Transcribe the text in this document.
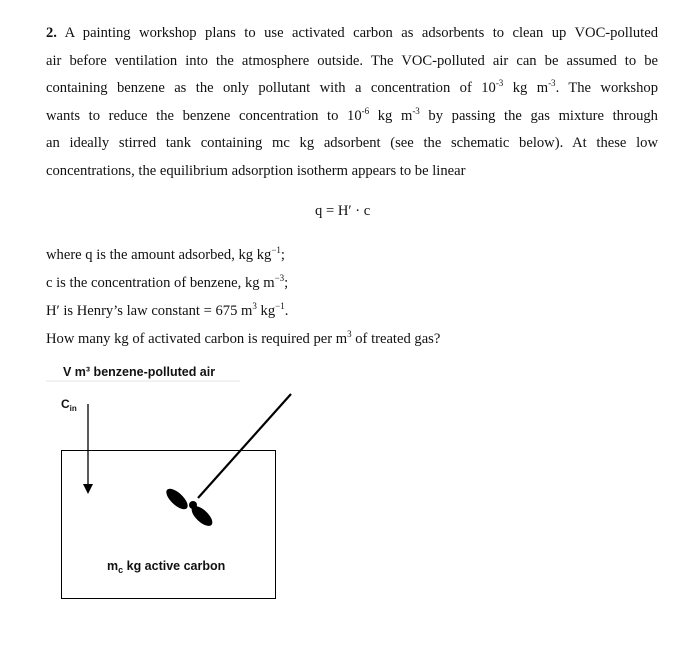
2. A painting workshop plans to use activated carbon as adsorbents to clean up VOC-polluted
air before ventilation into the atmosphere outside. The VOC-polluted air can be assumed to be
containing benzene as the only pollutant with a concentration of $10^{-3}$ kg $m^{-3}$. The workshop
wants to reduce the benzene concentration to $10^{-6}$ kg $m^{-3}$ by passing the gas mixture through
an ideally stirred tank containing mc kg adsorbent (see the schematic below). At these low
concentrations, the equilibrium adsorption isotherm appears to be linear
q = H′ · c
where q is the amount adsorbed, kg $kg^{-1}$;
c is the concentration of benzene, kg $m^{-3}$;
H′ is Henry’s law constant = 675 $m^3$ $kg^{-1}$.
How many kg of activated carbon is required per $m^3$ of treated gas?
V m³ benzene-polluted air
$C_{in}$
$m_c$ kg active carbon
